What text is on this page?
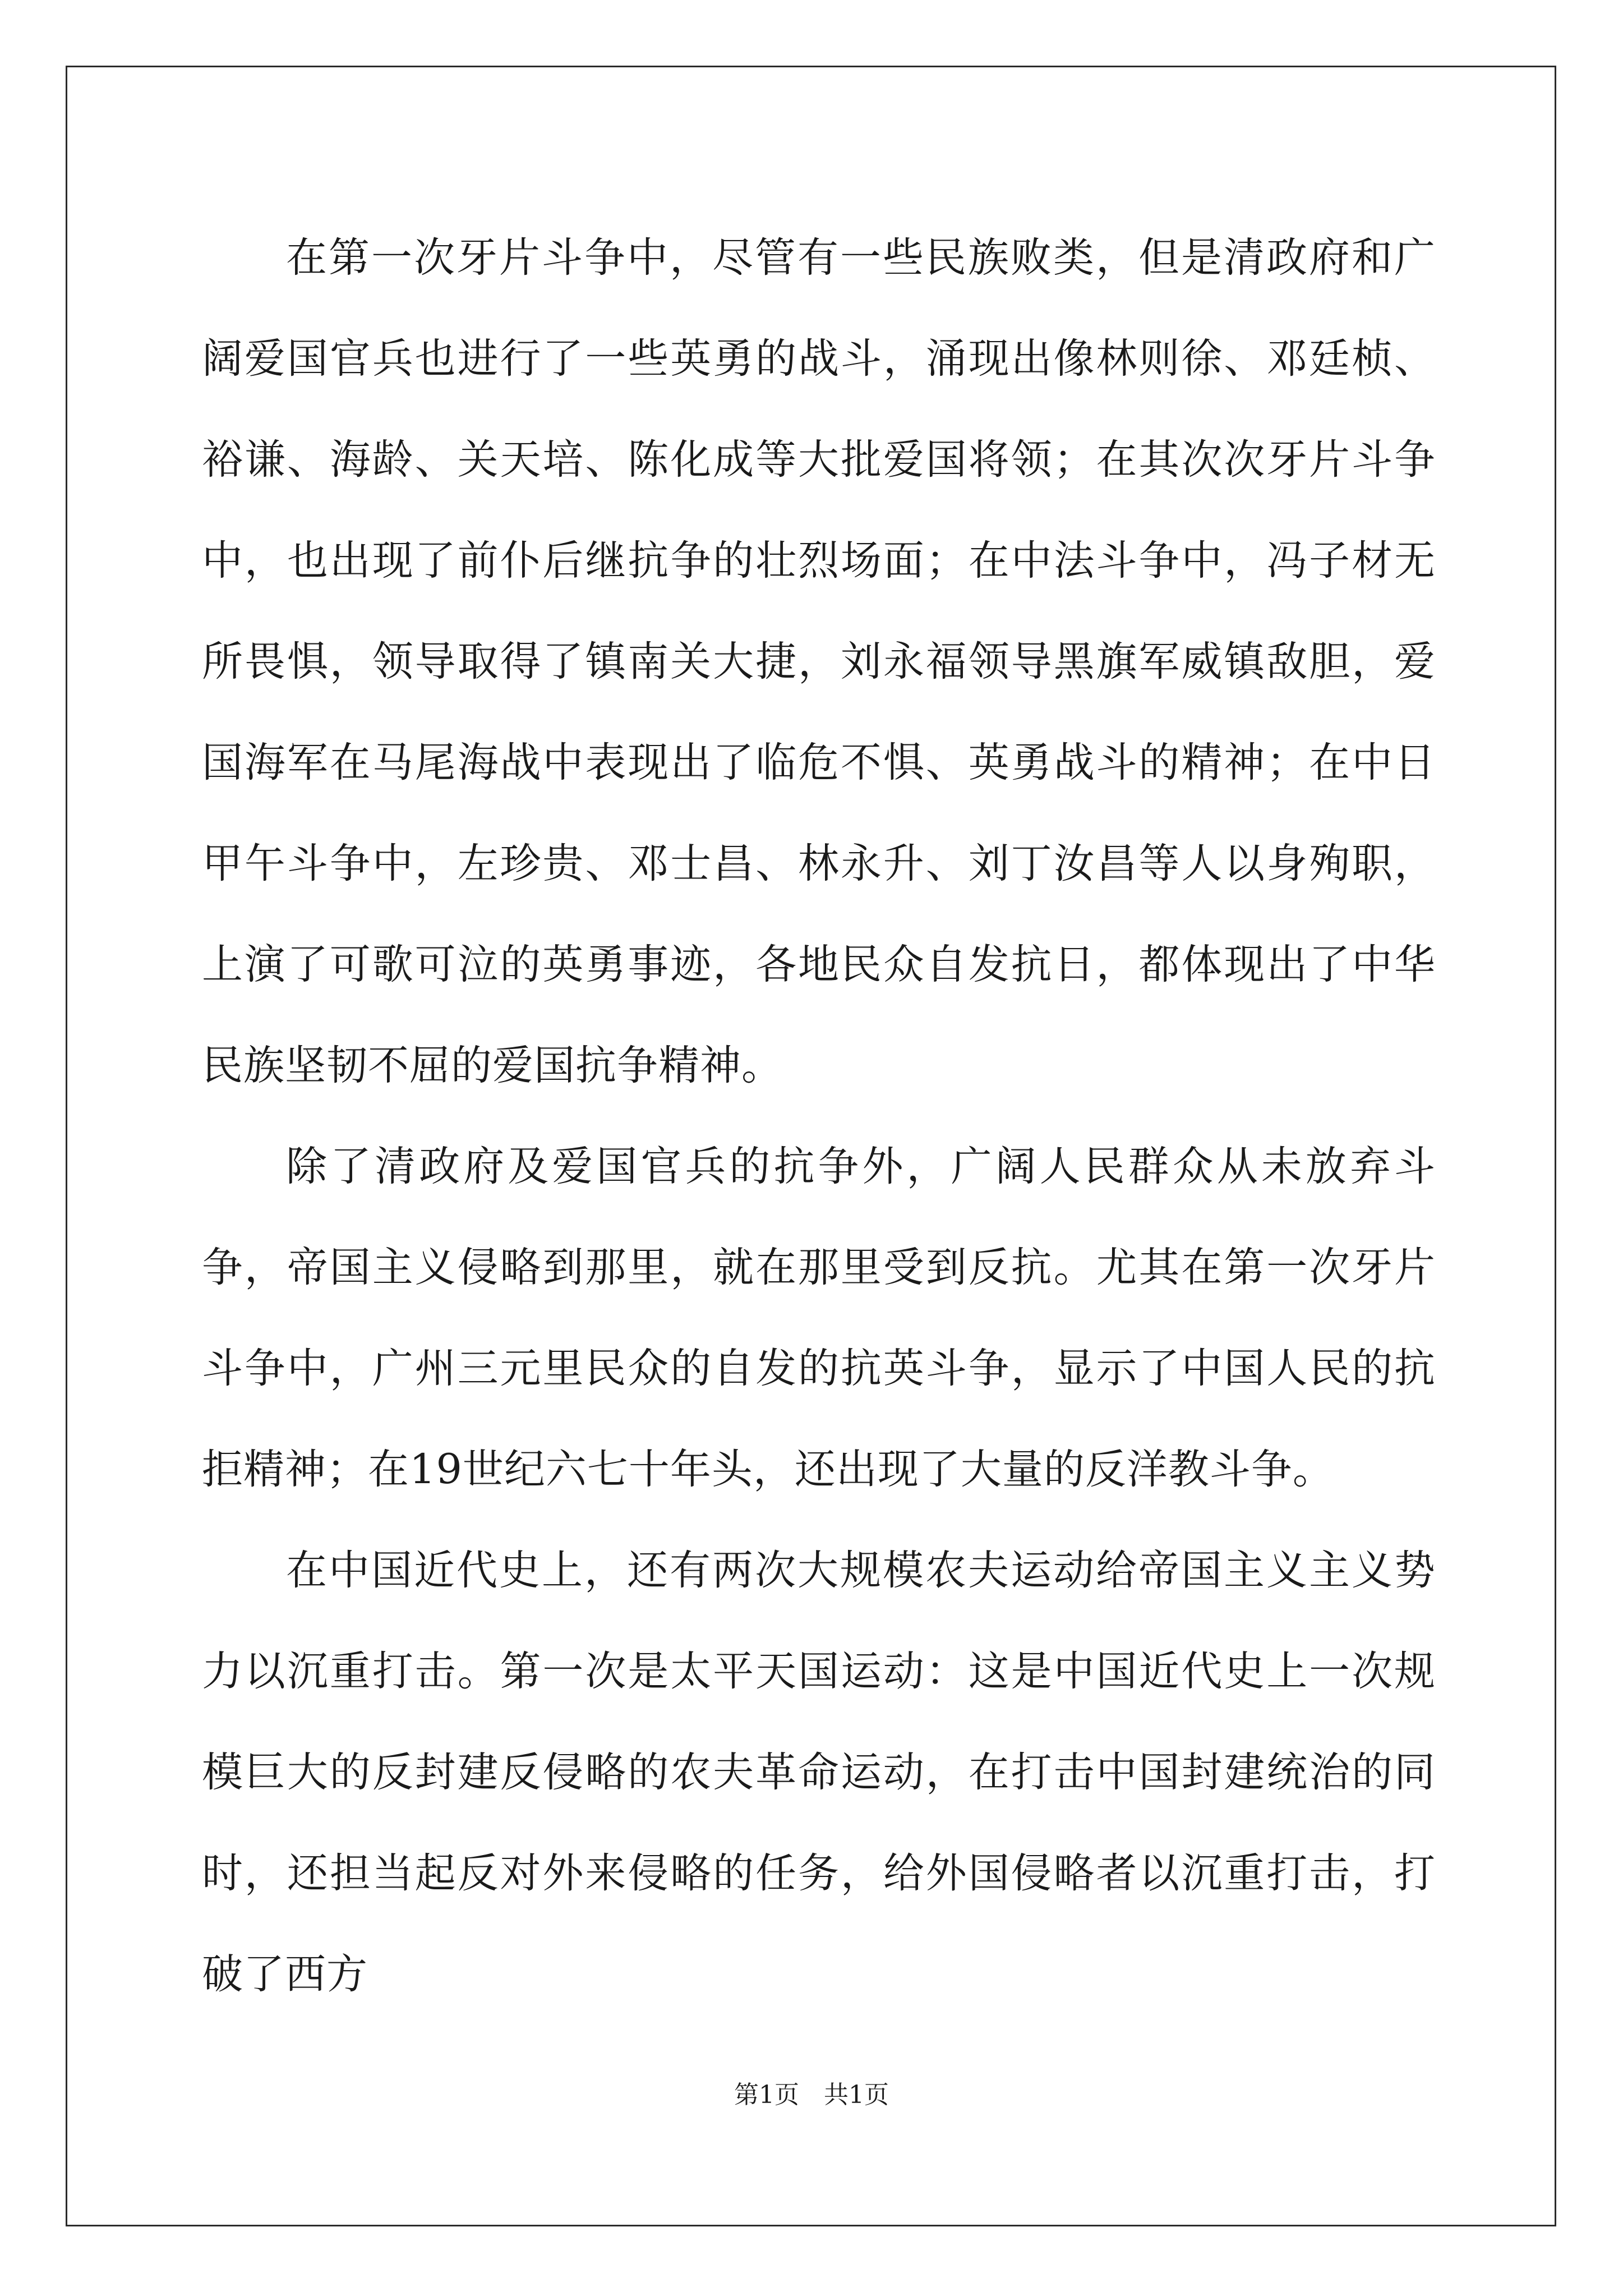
在第一次牙片斗争中，尽管有一些民族败类，但是清政府和广阔爱国官兵也进行了一些英勇的战斗，涌现出像林则徐、邓廷桢、裕谦、海龄、关天培、陈化成等大批爱国将领；在其次次牙片斗争中，也出现了前仆后继抗争的壮烈场面；在中法斗争中，冯子材无所畏惧，领导取得了镇南关大捷，刘永福领导黑旗军威镇敌胆，爱国海军在马尾海战中表现出了临危不惧、英勇战斗的精神；在中日甲午斗争中，左珍贵、邓士昌、林永升、刘丁汝昌等人以身殉职，上演了可歌可泣的英勇事迹，各地民众自发抗日，都体现出了中华民族坚韧不屈的爱国抗争精神。

除了清政府及爱国官兵的抗争外，广阔人民群众从未放弃斗争，帝国主义侵略到那里，就在那里受到反抗。尤其在第一次牙片斗争中，广州三元里民众的自发的抗英斗争，显示了中国人民的抗拒精神；在19世纪六七十年头，还出现了大量的反洋教斗争。

在中国近代史上，还有两次大规模农夫运动给帝国主义主义势力以沉重打击。第一次是太平天国运动：这是中国近代史上一次规模巨大的反封建反侵略的农夫革命运动，在打击中国封建统治的同时，还担当起反对外来侵略的任务，给外国侵略者以沉重打击，打破了西方

第1页　共1页
